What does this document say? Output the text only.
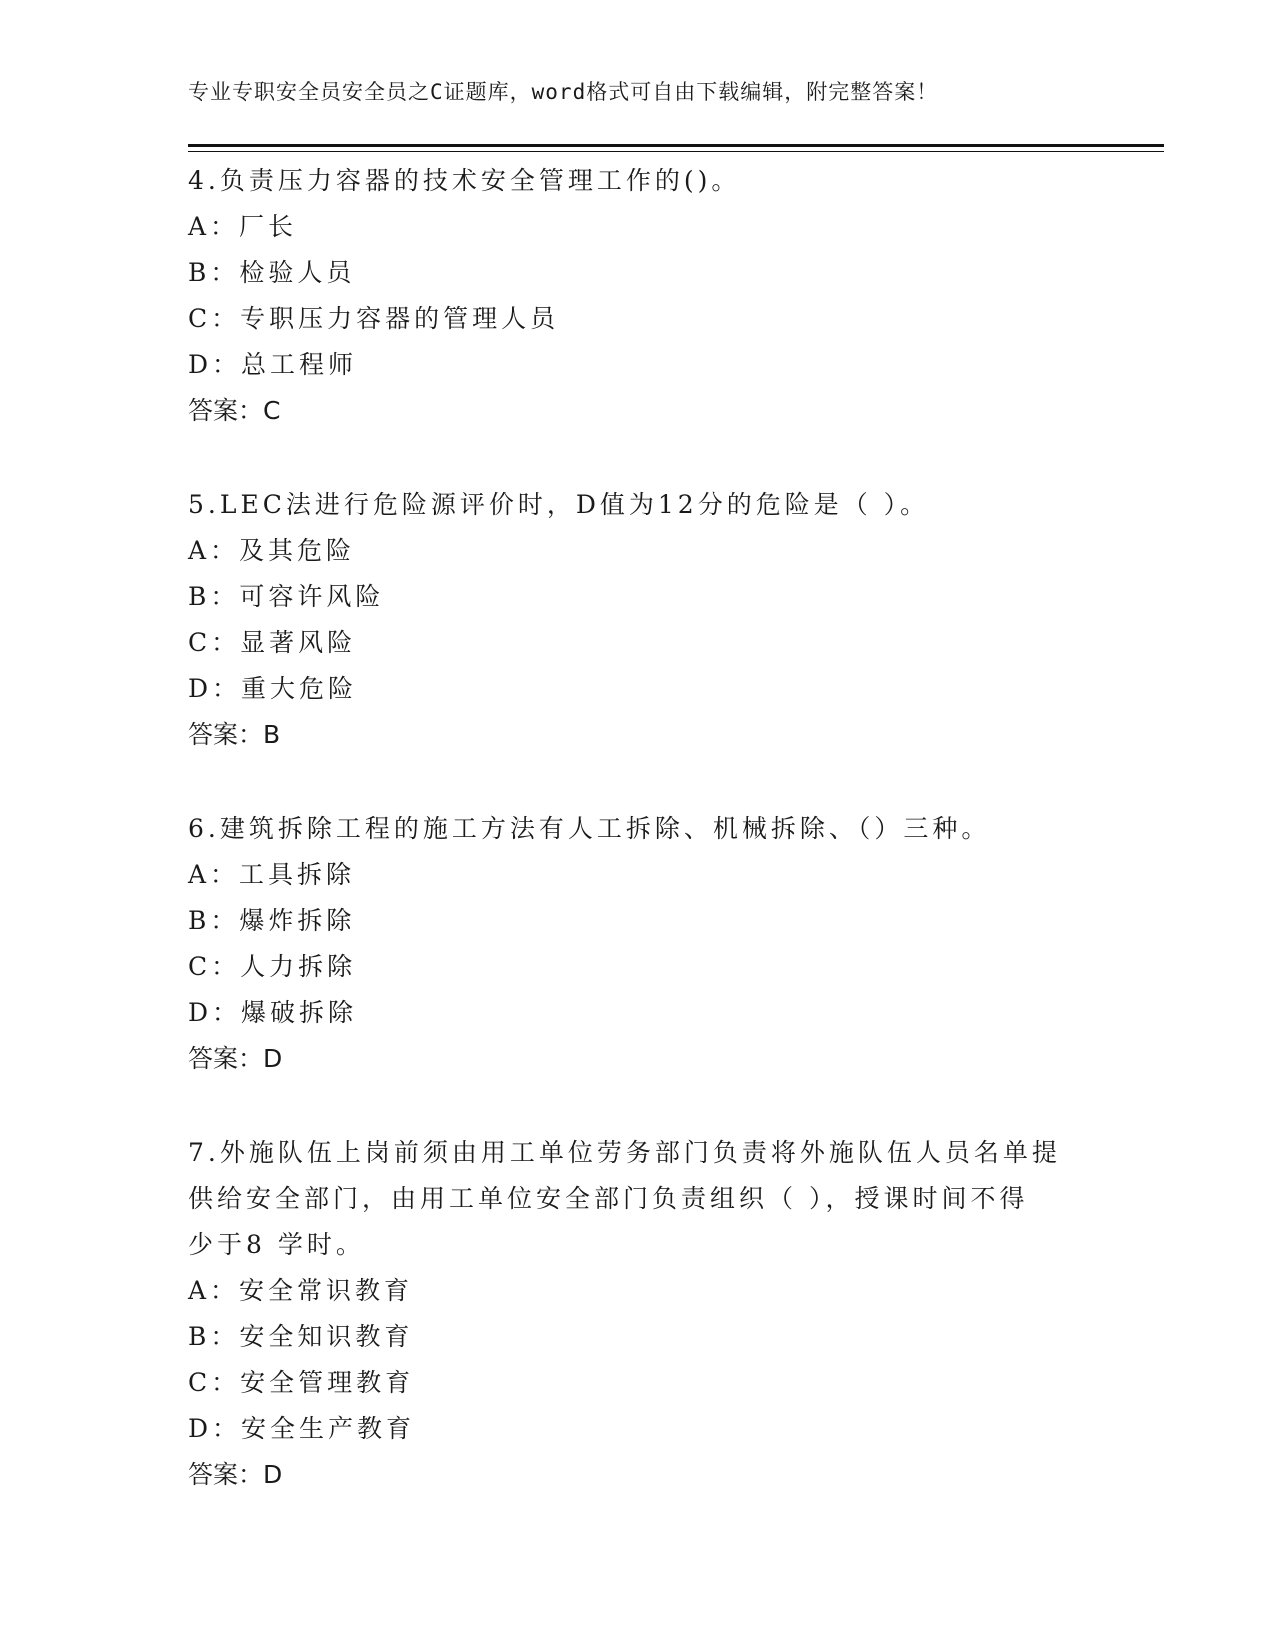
专业专职安全员安全员之C证题库，word格式可自由下载编辑，附完整答案！
4.负责压力容器的技术安全管理工作的()。
A：厂长
B：检验人员
C：专职压力容器的管理人员
D：总工程师
答案：C
5.LEC法进行危险源评价时，D值为12分的危险是（ ）。
A：及其危险
B：可容许风险
C：显著风险
D：重大危险
答案：B
6.建筑拆除工程的施工方法有人工拆除、机械拆除、（）三种。
A：工具拆除
B：爆炸拆除
C：人力拆除
D：爆破拆除
答案：D
7.外施队伍上岗前须由用工单位劳务部门负责将外施队伍人员名单提
供给安全部门，由用工单位安全部门负责组织（ ），授课时间不得
少于8 学时。
A：安全常识教育
B：安全知识教育
C：安全管理教育
D：安全生产教育
答案：D
